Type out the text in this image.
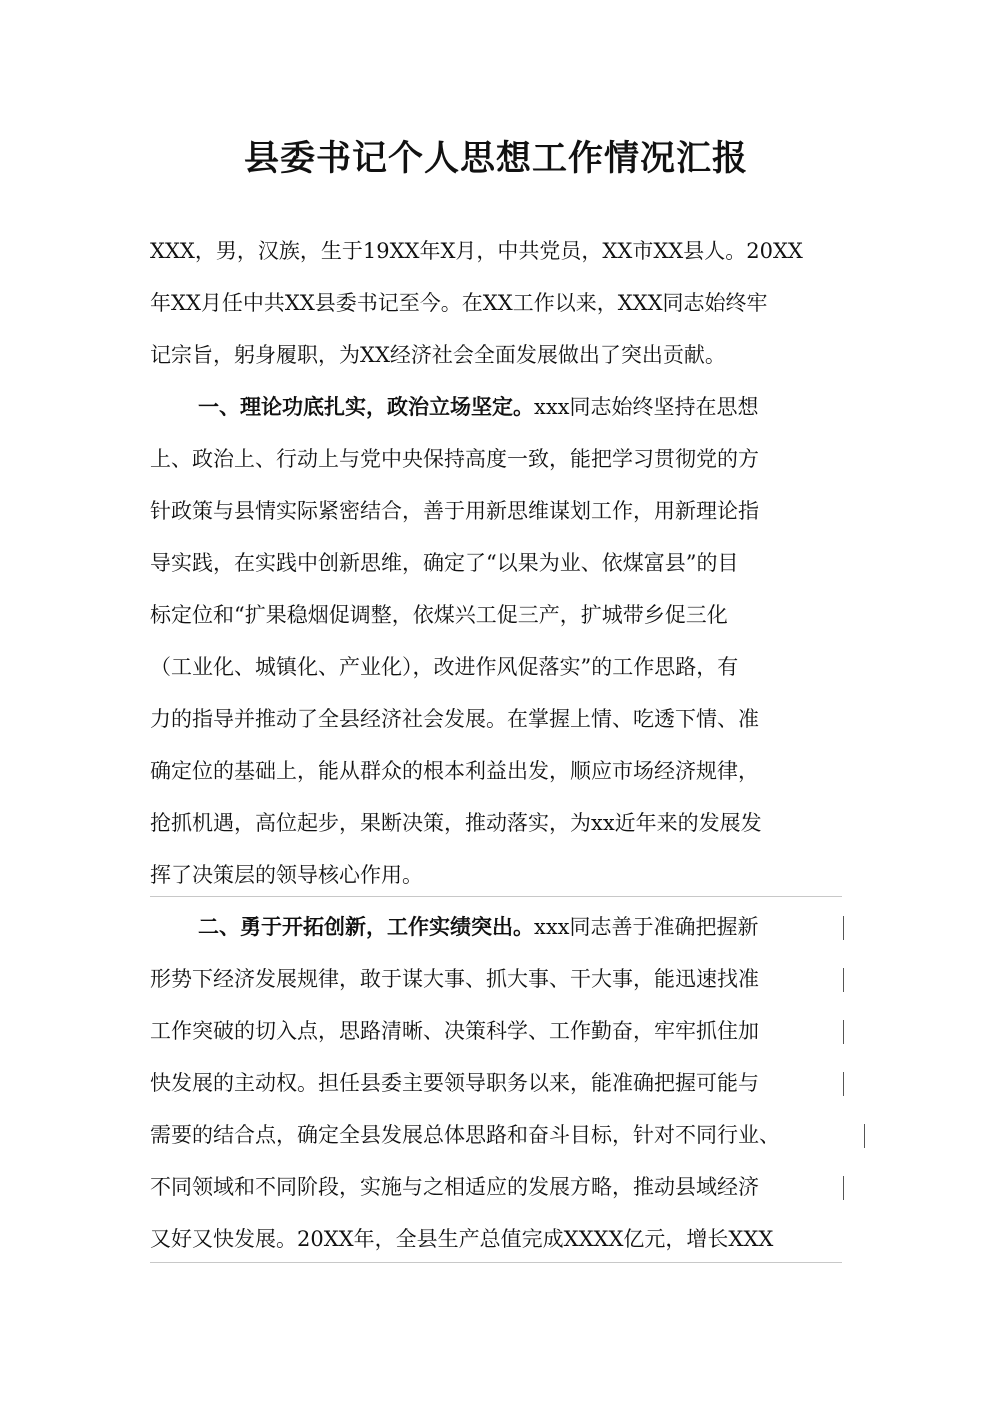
县委书记个人思想工作情况汇报
XXX，男，汉族，生于19XX年X月，中共党员，XX市XX县人。20XX
年XX月任中共XX县委书记至今。在XX工作以来，XXX同志始终牢
记宗旨，躬身履职，为XX经济社会全面发展做出了突出贡献。
一、理论功底扎实，政治立场坚定。xxx同志始终坚持在思想
上、政治上、行动上与党中央保持高度一致，能把学习贯彻党的方
针政策与县情实际紧密结合，善于用新思维谋划工作，用新理论指
导实践，在实践中创新思维，确定了“以果为业、依煤富县”的目
标定位和“扩果稳烟促调整，依煤兴工促三产，扩城带乡促三化
（工业化、城镇化、产业化），改进作风促落实”的工作思路，有
力的指导并推动了全县经济社会发展。在掌握上情、吃透下情、准
确定位的基础上，能从群众的根本利益出发，顺应市场经济规律，
抢抓机遇，高位起步，果断决策，推动落实，为xx近年来的发展发
挥了决策层的领导核心作用。
二、勇于开拓创新，工作实绩突出。xxx同志善于准确把握新
形势下经济发展规律，敢于谋大事、抓大事、干大事，能迅速找准
工作突破的切入点，思路清晰、决策科学、工作勤奋，牢牢抓住加
快发展的主动权。担任县委主要领导职务以来，能准确把握可能与
需要的结合点，确定全县发展总体思路和奋斗目标，针对不同行业、
不同领域和不同阶段，实施与之相适应的发展方略，推动县域经济
又好又快发展。20XX年，全县生产总值完成XXXX亿元，增长XXX
